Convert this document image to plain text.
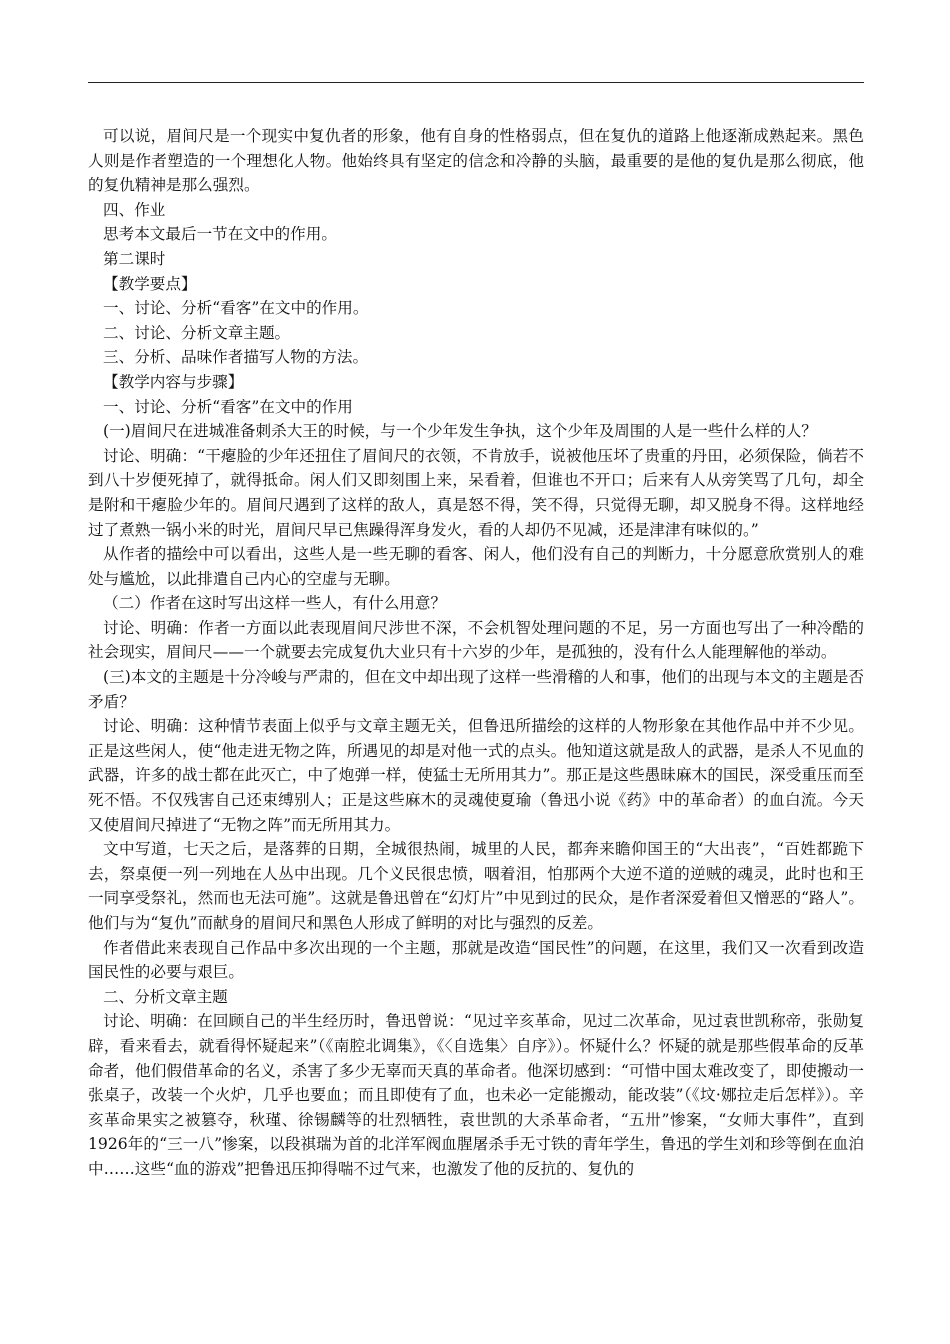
可以说，眉间尺是一个现实中复仇者的形象，他有自身的性格弱点，但在复仇的道路上他逐渐成熟起来。黑色人则是作者塑造的一个理想化人物。他始终具有坚定的信念和冷静的头脑，最重要的是他的复仇是那么彻底，他的复仇精神是那么强烈。

四、作业

思考本文最后一节在文中的作用。

第二课时

【教学要点】

一、讨论、分析“看客”在文中的作用。

二、讨论、分析文章主题。

三、分析、品味作者描写人物的方法。

【教学内容与步骤】

一、讨论、分析“看客”在文中的作用

(一)眉间尺在进城准备刺杀大王的时候，与一个少年发生争执，这个少年及周围的人是一些什么样的人？

讨论、明确：“干瘪脸的少年还扭住了眉间尺的衣领，不肯放手，说被他压坏了贵重的丹田，必须保险，倘若不到八十岁便死掉了，就得抵命。闲人们又即刻围上来，呆看着，但谁也不开口；后来有人从旁笑骂了几句，却全是附和干瘪脸少年的。眉间尺遇到了这样的敌人，真是怒不得，笑不得，只觉得无聊，却又脱身不得。这样地经过了煮熟一锅小米的时光，眉间尺早已焦躁得浑身发火，看的人却仍不见减，还是津津有味似的。”

从作者的描绘中可以看出，这些人是一些无聊的看客、闲人，他们没有自己的判断力，十分愿意欣赏别人的难处与尴尬，以此排遣自己内心的空虚与无聊。

（二）作者在这时写出这样一些人，有什么用意？

讨论、明确：作者一方面以此表现眉间尺涉世不深，不会机智处理问题的不足，另一方面也写出了一种冷酷的社会现实，眉间尺——一个就要去完成复仇大业只有十六岁的少年，是孤独的，没有什么人能理解他的举动。

(三)本文的主题是十分冷峻与严肃的，但在文中却出现了这样一些滑稽的人和事，他们的出现与本文的主题是否矛盾？

讨论、明确：这种情节表面上似乎与文章主题无关，但鲁迅所描绘的这样的人物形象在其他作品中并不少见。正是这些闲人，使“他走进无物之阵，所遇见的却是对他一式的点头。他知道这就是敌人的武器，是杀人不见血的武器，许多的战士都在此灭亡，中了炮弹一样，使猛士无所用其力”。那正是这些愚昧麻木的国民，深受重压而至死不悟。不仅残害自己还束缚别人；正是这些麻木的灵魂使夏瑜（鲁迅小说《药》中的革命者）的血白流。今天又使眉间尺掉进了“无物之阵”而无所用其力。

文中写道，七天之后，是落葬的日期，全城很热闹，城里的人民，都奔来瞻仰国王的“大出丧”，“百姓都跪下去，祭桌便一列一列地在人丛中出现。几个义民很忠愤，咽着泪，怕那两个大逆不道的逆贼的魂灵，此时也和王一同享受祭礼，然而也无法可施”。这就是鲁迅曾在“幻灯片”中见到过的民众，是作者深爱着但又憎恶的“路人”。他们与为“复仇”而献身的眉间尺和黑色人形成了鲜明的对比与强烈的反差。

作者借此来表现自己作品中多次出现的一个主题，那就是改造“国民性”的问题，在这里，我们又一次看到改造国民性的必要与艰巨。

二、分析文章主题

讨论、明确：在回顾自己的半生经历时，鲁迅曾说：“见过辛亥革命，见过二次革命，见过袁世凯称帝，张勋复辟，看来看去，就看得怀疑起来”（《南腔北调集》，《〈自选集〉自序》）。怀疑什么？怀疑的就是那些假革命的反革命者，他们假借革命的名义，杀害了多少无辜而天真的革命者。他深切感到：“可惜中国太难改变了，即使搬动一张桌子，改装一个火炉，几乎也要血；而且即使有了血，也未必一定能搬动，能改装”（《坟·娜拉走后怎样》）。辛亥革命果实之被篡夺，秋瑾、徐锡麟等的壮烈牺牲，袁世凯的大杀革命者，“五卅”惨案，“女师大事件”，直到1926年的“三一八”惨案，以段祺瑞为首的北洋军阀血腥屠杀手无寸铁的青年学生，鲁迅的学生刘和珍等倒在血泊中……这些“血的游戏”把鲁迅压抑得喘不过气来，也激发了他的反抗的、复仇的
